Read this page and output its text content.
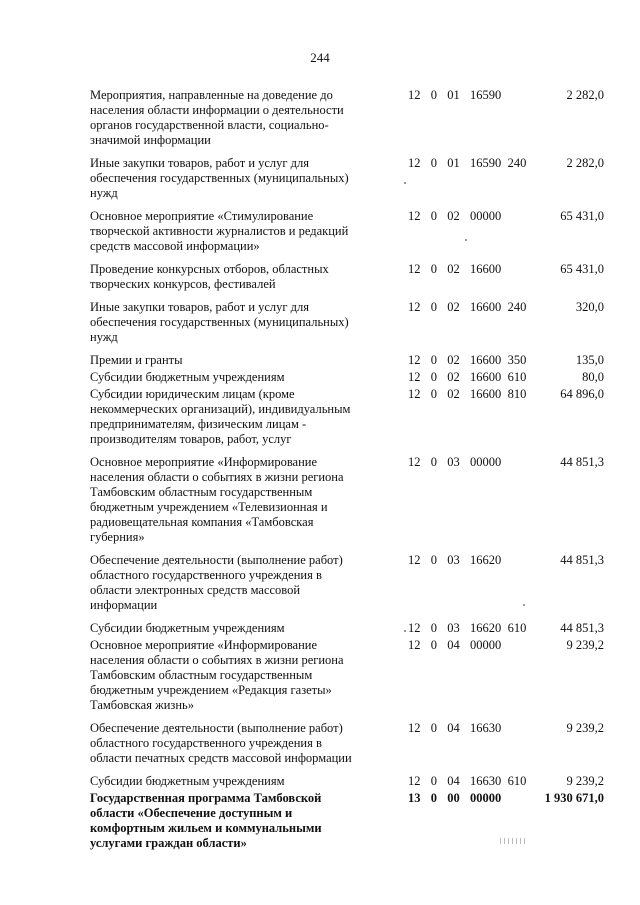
244
Мероприятия, направленные на доведение до населения области информации о деятельности органов государственной власти, социально-значимой информации
12  0  01  16590	2 282,0
Иные закупки товаров, работ и услуг для обеспечения государственных (муниципальных) нужд
12  0  01  16590 240	2 282,0
Основное мероприятие «Стимулирование творческой активности журналистов и редакций средств массовой информации»
12  0  02  00000	65 431,0
Проведение конкурсных отборов, областных творческих конкурсов, фестивалей
12  0  02  16600	65 431,0
Иные закупки товаров, работ и услуг для обеспечения государственных (муниципальных) нужд
12  0  02  16600 240	320,0
Премии и гранты	12  0  02  16600 350	135,0
Субсидии бюджетным учреждениям	12  0  02  16600 610	80,0
Субсидии юридическим лицам (кроме некоммерческих организаций), индивидуальным предпринимателям, физическим лицам - производителям товаров, работ, услуг
12  0  02  16600 810	64 896,0
Основное мероприятие «Информирование населения области о событиях в жизни региона Тамбовским областным государственным бюджетным учреждением «Телевизионная и радиовещательная компания «Тамбовская губерния»
12  0  03  00000	44 851,3
Обеспечение деятельности (выполнение работ) областного государственного учреждения в области электронных средств массовой информации
12  0  03  16620	44 851,3
Субсидии бюджетным учреждениям	12  0  03  16620 610	44 851,3
Основное мероприятие «Информирование населения области о событиях в жизни региона Тамбовским областным государственным бюджетным учреждением «Редакция газеты» Тамбовская жизнь»
12  0  04  00000	9 239,2
Обеспечение деятельности (выполнение работ) областного государственного учреждения в области печатных средств массовой информации
12  0  04  16630	9 239,2
Субсидии бюджетным учреждениям	12  0  04  16630 610	9 239,2
Государственная программа Тамбовской области «Обеспечение доступным и комфортным жильем и коммунальными услугами граждан области»
13  0  00  00000	1 930 671,0
